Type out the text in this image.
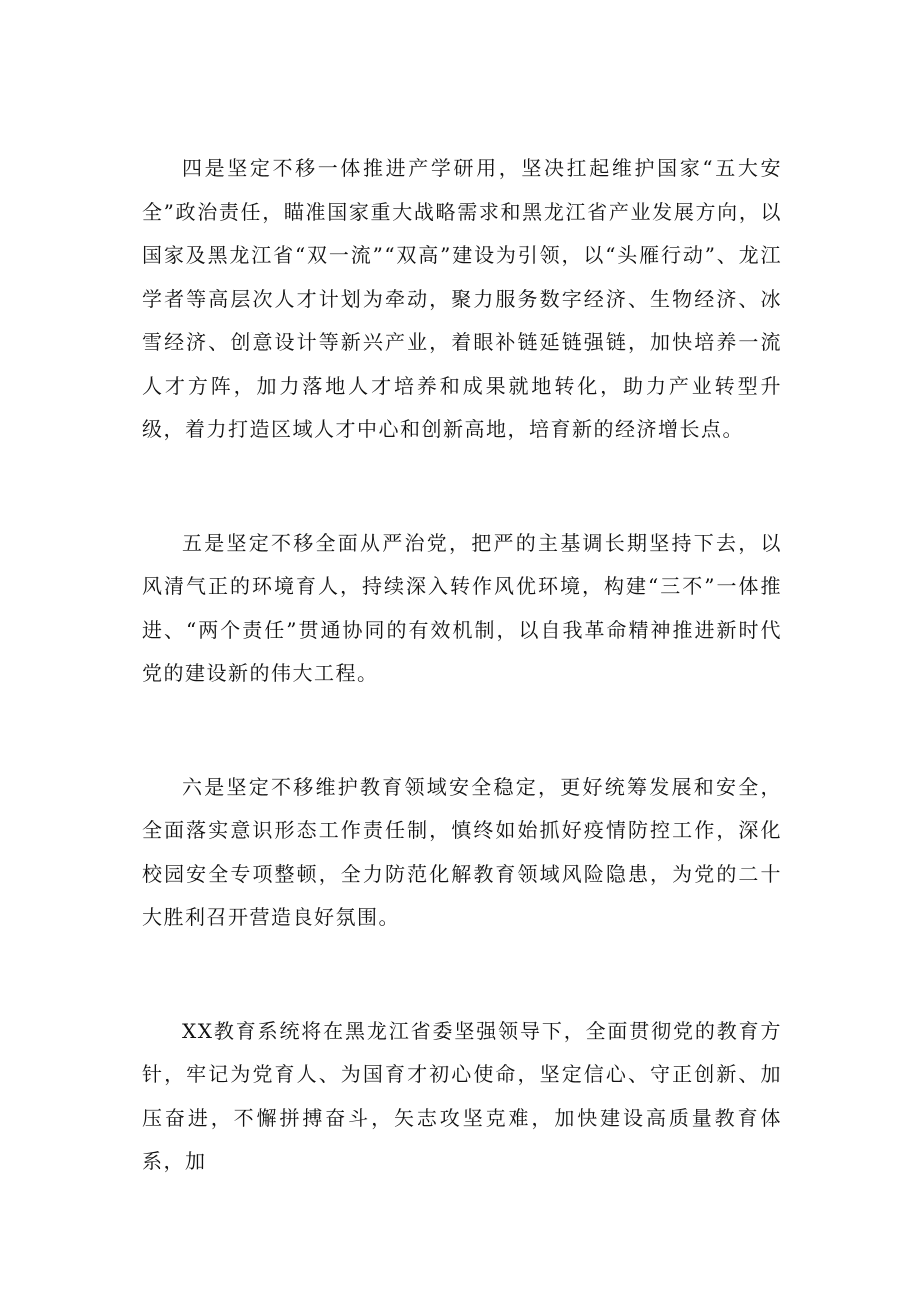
四是坚定不移一体推进产学研用，坚决扛起维护国家“五大安全”政治责任，瞄准国家重大战略需求和黑龙江省产业发展方向，以国家及黑龙江省“双一流”“双高”建设为引领，以“头雁行动”、龙江学者等高层次人才计划为牵动，聚力服务数字经济、生物经济、冰雪经济、创意设计等新兴产业，着眼补链延链强链，加快培养一流人才方阵，加力落地人才培养和成果就地转化，助力产业转型升级，着力打造区域人才中心和创新高地，培育新的经济增长点。

五是坚定不移全面从严治党，把严的主基调长期坚持下去，以风清气正的环境育人，持续深入转作风优环境，构建“三不”一体推进、“两个责任”贯通协同的有效机制，以自我革命精神推进新时代党的建设新的伟大工程。

六是坚定不移维护教育领域安全稳定，更好统筹发展和安全，全面落实意识形态工作责任制，慎终如始抓好疫情防控工作，深化校园安全专项整顿，全力防范化解教育领域风险隐患，为党的二十大胜利召开营造良好氛围。

XX教育系统将在黑龙江省委坚强领导下，全面贯彻党的教育方针，牢记为党育人、为国育才初心使命，坚定信心、守正创新、加压奋进，不懈拼搏奋斗，矢志攻坚克难，加快建设高质量教育体系，加
